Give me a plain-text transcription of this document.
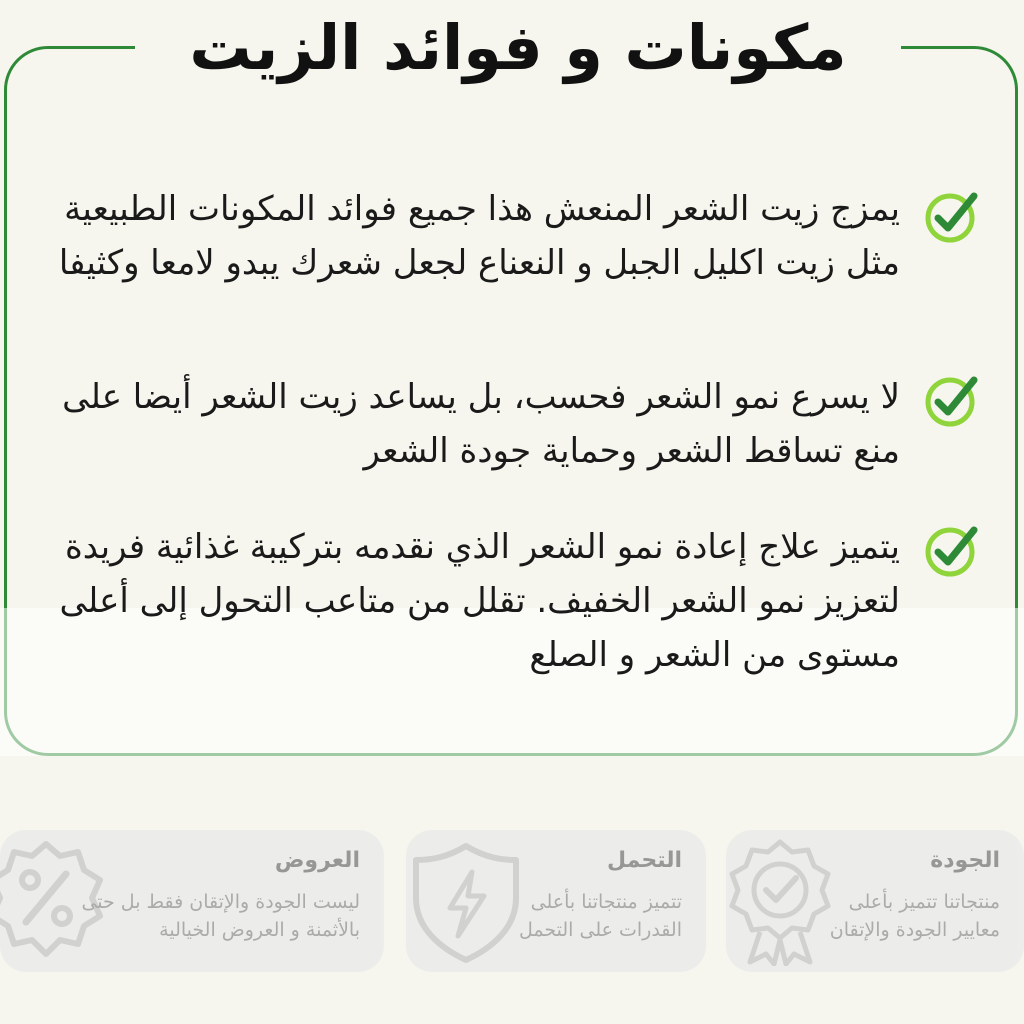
مكونات و فوائد الزيت
يمزج زيت الشعر المنعش هذا جميع فوائد المكونات الطبيعية مثل زيت اكليل الجبل و النعناع لجعل شعرك يبدو لامعا وكثيفا
لا يسرع نمو الشعر فحسب، بل يساعد زيت الشعر أيضا على منع تساقط الشعر وحماية جودة الشعر
يتميز علاج إعادة نمو الشعر الذي نقدمه بتركيبة غذائية فريدة لتعزيز نمو الشعر الخفيف. تقلل من متاعب التحول إلى أعلى مستوى من الشعر و الصلع
العروض
ليست الجودة والإتقان فقط بل حتى بالأثمنة و العروض الخيالية
التحمل
تتميز منتجاتنا بأعلى القدرات على التحمل
الجودة
منتجاتنا تتميز بأعلى معايير الجودة والإتقان
